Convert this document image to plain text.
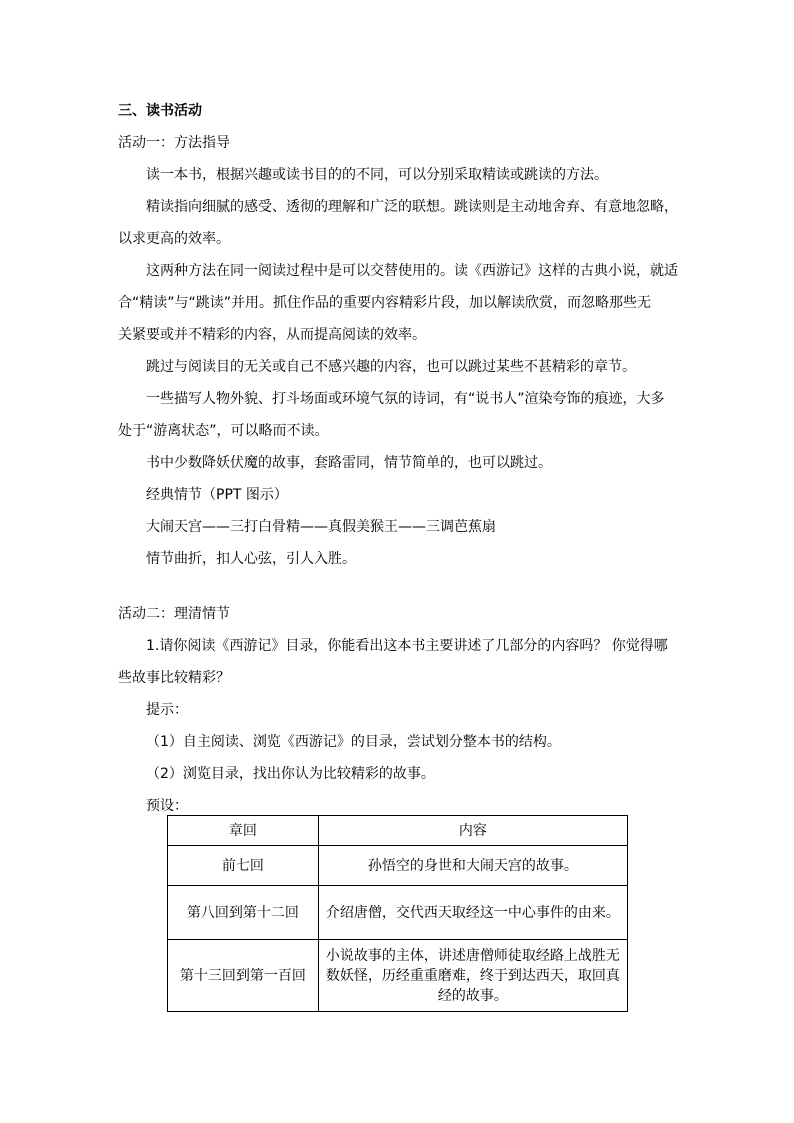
三、读书活动
活动一：方法指导
读一本书，根据兴趣或读书目的的不同，可以分别采取精读或跳读的方法。
精读指向细腻的感受、透彻的理解和广泛的联想。跳读则是主动地舍弃、有意地忽略，
以求更高的效率。
这两种方法在同一阅读过程中是可以交替使用的。读《西游记》这样的古典小说，就适
合“精读”与“跳读”并用。抓住作品的重要内容精彩片段，加以解读欣赏，而忽略那些无
关紧要或并不精彩的内容，从而提高阅读的效率。
跳过与阅读目的无关或自己不感兴趣的内容，也可以跳过某些不甚精彩的章节。
一些描写人物外貌、打斗场面或环境气氛的诗词，有“说书人”渲染夸饰的痕迹，大多
处于“游离状态”，可以略而不读。
书中少数降妖伏魔的故事，套路雷同，情节简单的，也可以跳过。
经典情节（PPT 图示）
大闹天宫——三打白骨精——真假美猴王——三调芭蕉扇
情节曲折，扣人心弦，引人入胜。
活动二：理清情节
1.请你阅读《西游记》目录，你能看出这本书主要讲述了几部分的内容吗？ 你觉得哪
些故事比较精彩？
提示：
（1）自主阅读、浏览《西游记》的目录，尝试划分整本书的结构。
（2）浏览目录，找出你认为比较精彩的故事。
预设：
章回	内容
前七回	孙悟空的身世和大闹天宫的故事。

第八回到第十二回	介绍唐僧，交代西天取经这一中心事件的由来。

第十三回到第一百回	小说故事的主体，讲述唐僧师徒取经路上战胜无
数妖怪，历经重重磨难，终于到达西天，取回真
经的故事。
